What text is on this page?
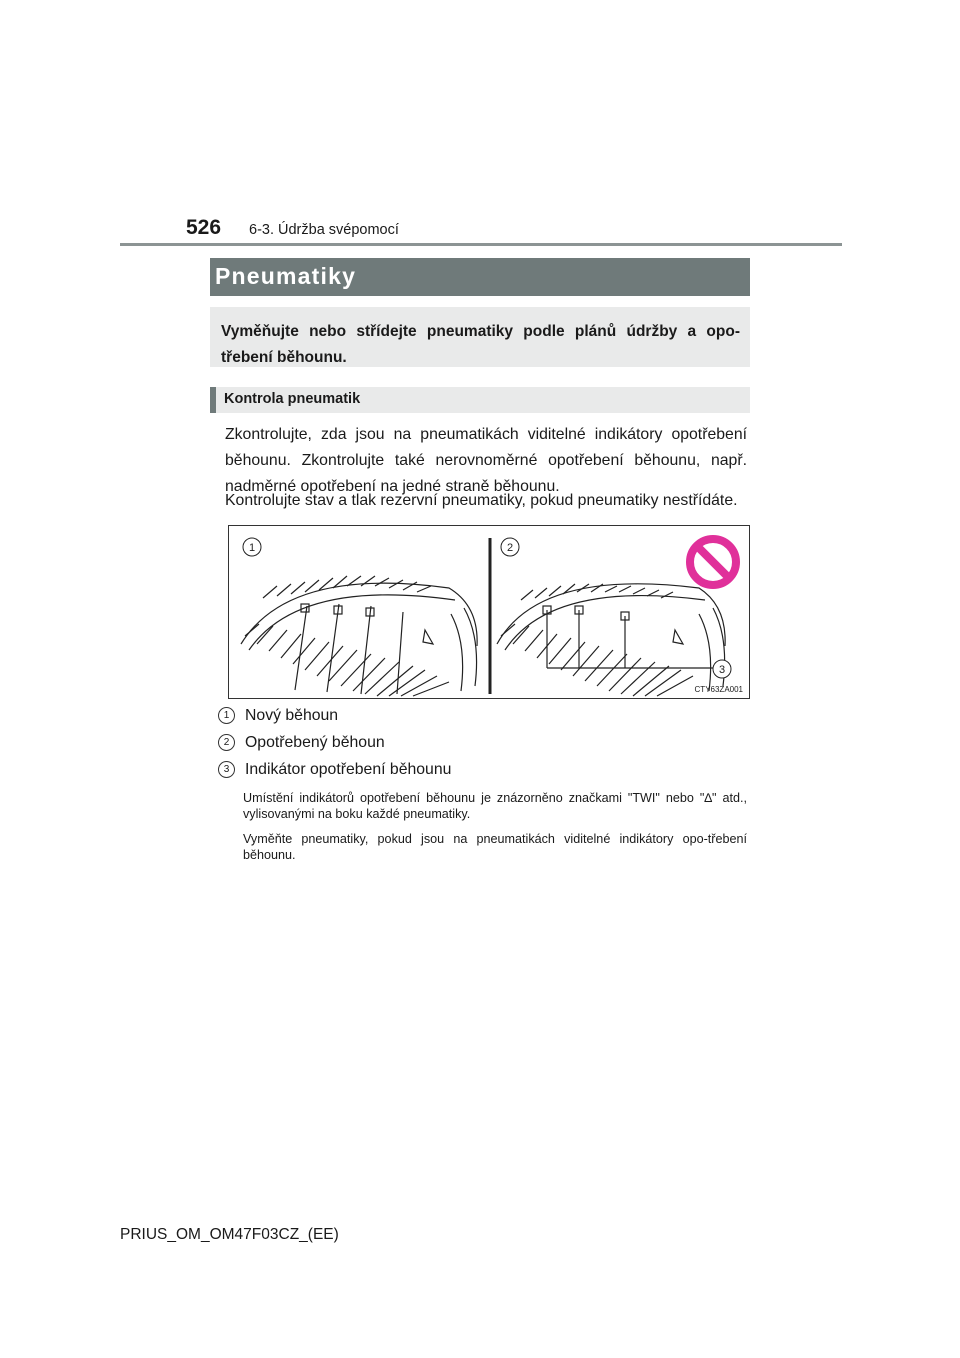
526 6-3. Údržba svépomocí
Pneumatiky
Vyměňujte nebo střídejte pneumatiky podle plánů údržby a opo-třebení běhounu.
Kontrola pneumatik
Zkontrolujte, zda jsou na pneumatikách viditelné indikátory opotřebení běhounu. Zkontrolujte také nerovnoměrné opotřebení běhounu, např. nadměrné opotřebení na jedné straně běhounu.
Kontrolujte stav a tlak rezervní pneumatiky, pokud pneumatiky nestřídáte.
1	2
3
CTY63ZA001
1 Nový běhoun
2 Opotřebený běhoun
3 Indikátor opotřebení běhounu
Umístění indikátorů opotřebení běhounu je znázorněno značkami "TWI" nebo "∆" atd., vylisovanými na boku každé pneumatiky.
Vyměňte pneumatiky, pokud jsou na pneumatikách viditelné indikátory opo-třebení běhounu.
PRIUS_OM_OM47F03CZ_(EE)
